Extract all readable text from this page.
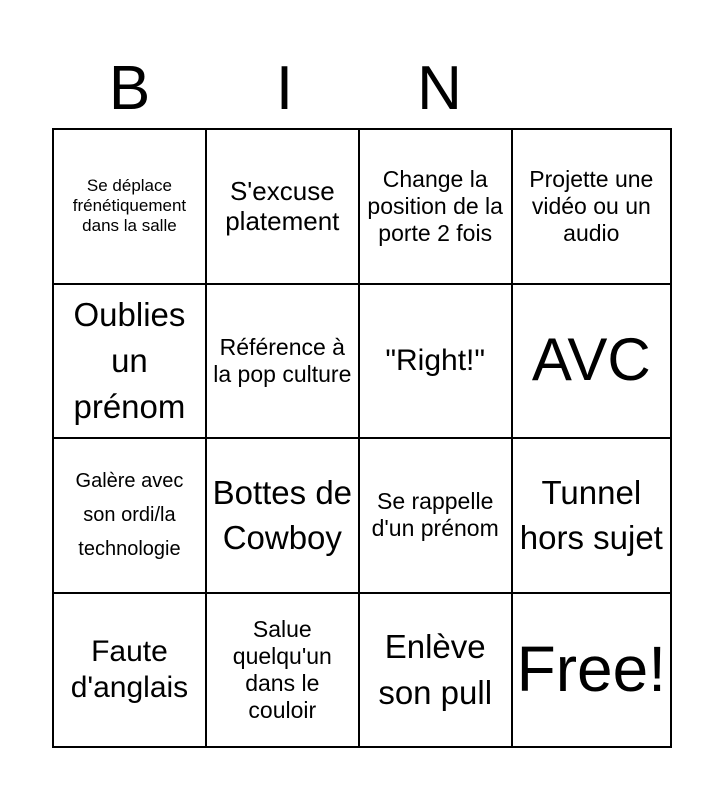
B	I	N
Se déplace frénétiquement dans la salle
S'excuse platement
Change la position de la porte 2 fois
Projette une vidéo ou un audio
Oublies un prénom
Référence à la pop culture	"Right!" AVC
Galère avec son ordi/la technologie
Bottes de Cowboy
Se rappelle d'un prénom
Tunnel hors sujet
Faute d'anglais
Salue quelqu'un dans le couloir
Enlève son pull Free!
